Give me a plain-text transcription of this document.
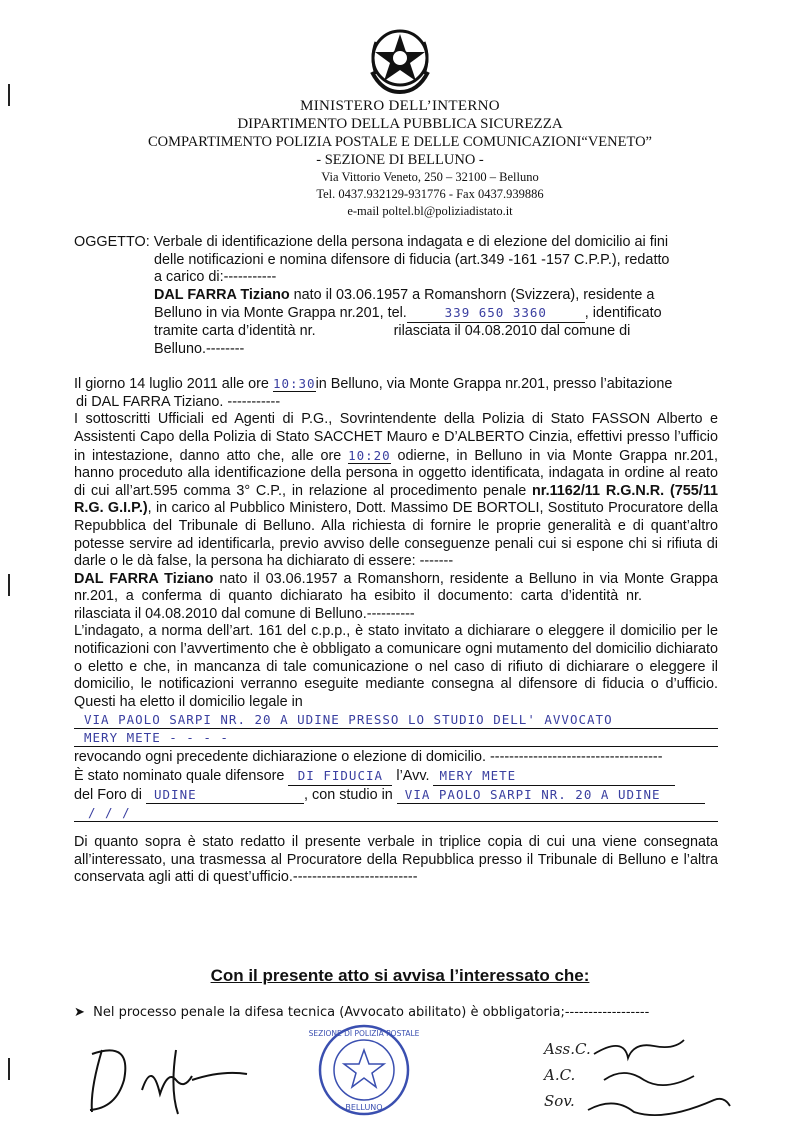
MINISTERO DELL’INTERNO
DIPARTIMENTO DELLA PUBBLICA SICUREZZA
COMPARTIMENTO POLIZIA POSTALE E DELLE COMUNICAZIONI“VENETO”
- SEZIONE DI BELLUNO -
Via Vittorio Veneto, 250 – 32100 – Belluno
Tel. 0437.932129-931776 - Fax 0437.939886
e-mail poltel.bl@poliziadistato.it
OGGETTO: Verbale di identificazione della persona indagata e di elezione del domicilio ai fini
delle notificazioni e nomina difensore di fiducia (art.349 -161 -157 C.P.P.), redatto
a carico di:-----------
DAL FARRA Tiziano nato il 03.06.1957 a Romanshorn (Svizzera), residente a
Belluno in via Monte Grappa nr.201, tel.	339 650 3360	, identificato
tramite carta d’identità nr.	rilasciata il 04.08.2010 dal comune di
Belluno.--------
Il giorno 14 luglio 2011 alle ore 10:30in Belluno, via Monte Grappa nr.201, presso l’abitazione
di DAL FARRA Tiziano. -----------
I sottoscritti Ufficiali ed Agenti di P.G., Sovrintendente della Polizia di Stato FASSON Alberto e Assistenti Capo della Polizia di Stato SACCHET Mauro e D’ALBERTO Cinzia, effettivi presso l’ufficio in intestazione, danno atto che, alle ore 10:20 odierne, in Belluno in via Monte Grappa nr.201, hanno proceduto alla identificazione della persona in oggetto identificata, indagata in ordine al reato di cui all’art.595 comma 3° C.P., in relazione al procedimento penale nr.1162/11 R.G.N.R. (755/11 R.G. G.I.P.), in carico al Pubblico Ministero, Dott. Massimo DE BORTOLI, Sostituto Procuratore della Repubblica del Tribunale di Belluno. Alla richiesta di fornire le proprie generalità e di quant’altro potesse servire ad identificarla, previo avviso delle conseguenze penali cui si espone chi si rifiuta di darle o le dà false, la persona ha dichiarato di essere: -------
DAL FARRA Tiziano nato il 03.06.1957 a Romanshorn, residente a Belluno in via Monte Grappa nr.201, a conferma di quanto dichiarato ha esibito il documento: carta d’identità nr. rilasciata il 04.08.2010 dal comune di Belluno.----------
L’indagato, a norma dell’art. 161 del c.p.p., è stato invitato a dichiarare o eleggere il domicilio per le notificazioni con l’avvertimento che è obbligato a comunicare ogni mutamento del domicilio dichiarato o eletto e che, in mancanza di tale comunicazione o nel caso di rifiuto di dichiarare o eleggere il domicilio, le notificazioni verranno eseguite mediante consegna al difensore di fiducia o d’ufficio. Questi ha eletto il domicilio legale in
VIA PAOLO SARPI NR. 20 A UDINE PRESSO LO STUDIO DELL' AVVOCATO
MERY METE - - - -
revocando ogni precedente dichiarazione o elezione di domicilio. ------------------------------------
È stato nominato quale difensore DI FIDUCIA l’Avv. MERY METE
del Foro di UDINE	, con studio in VIA PAOLO SARPI NR. 20 A UDINE
/ / /
Di quanto sopra è stato redatto il presente verbale in triplice copia di cui una viene consegnata all’interessato, una trasmessa al Procuratore della Repubblica presso il Tribunale di Belluno e l’altra conservata agli atti di quest’ufficio.--------------------------
Con il presente atto si avvisa l’interessato che:
➤ Nel processo penale la difesa tecnica (Avvocato abilitato) è obbligatoria;------------------
SEZIONE DI POLIZIA POSTALE
BELLUNO
Ass.C.
A.C.
Sov.
